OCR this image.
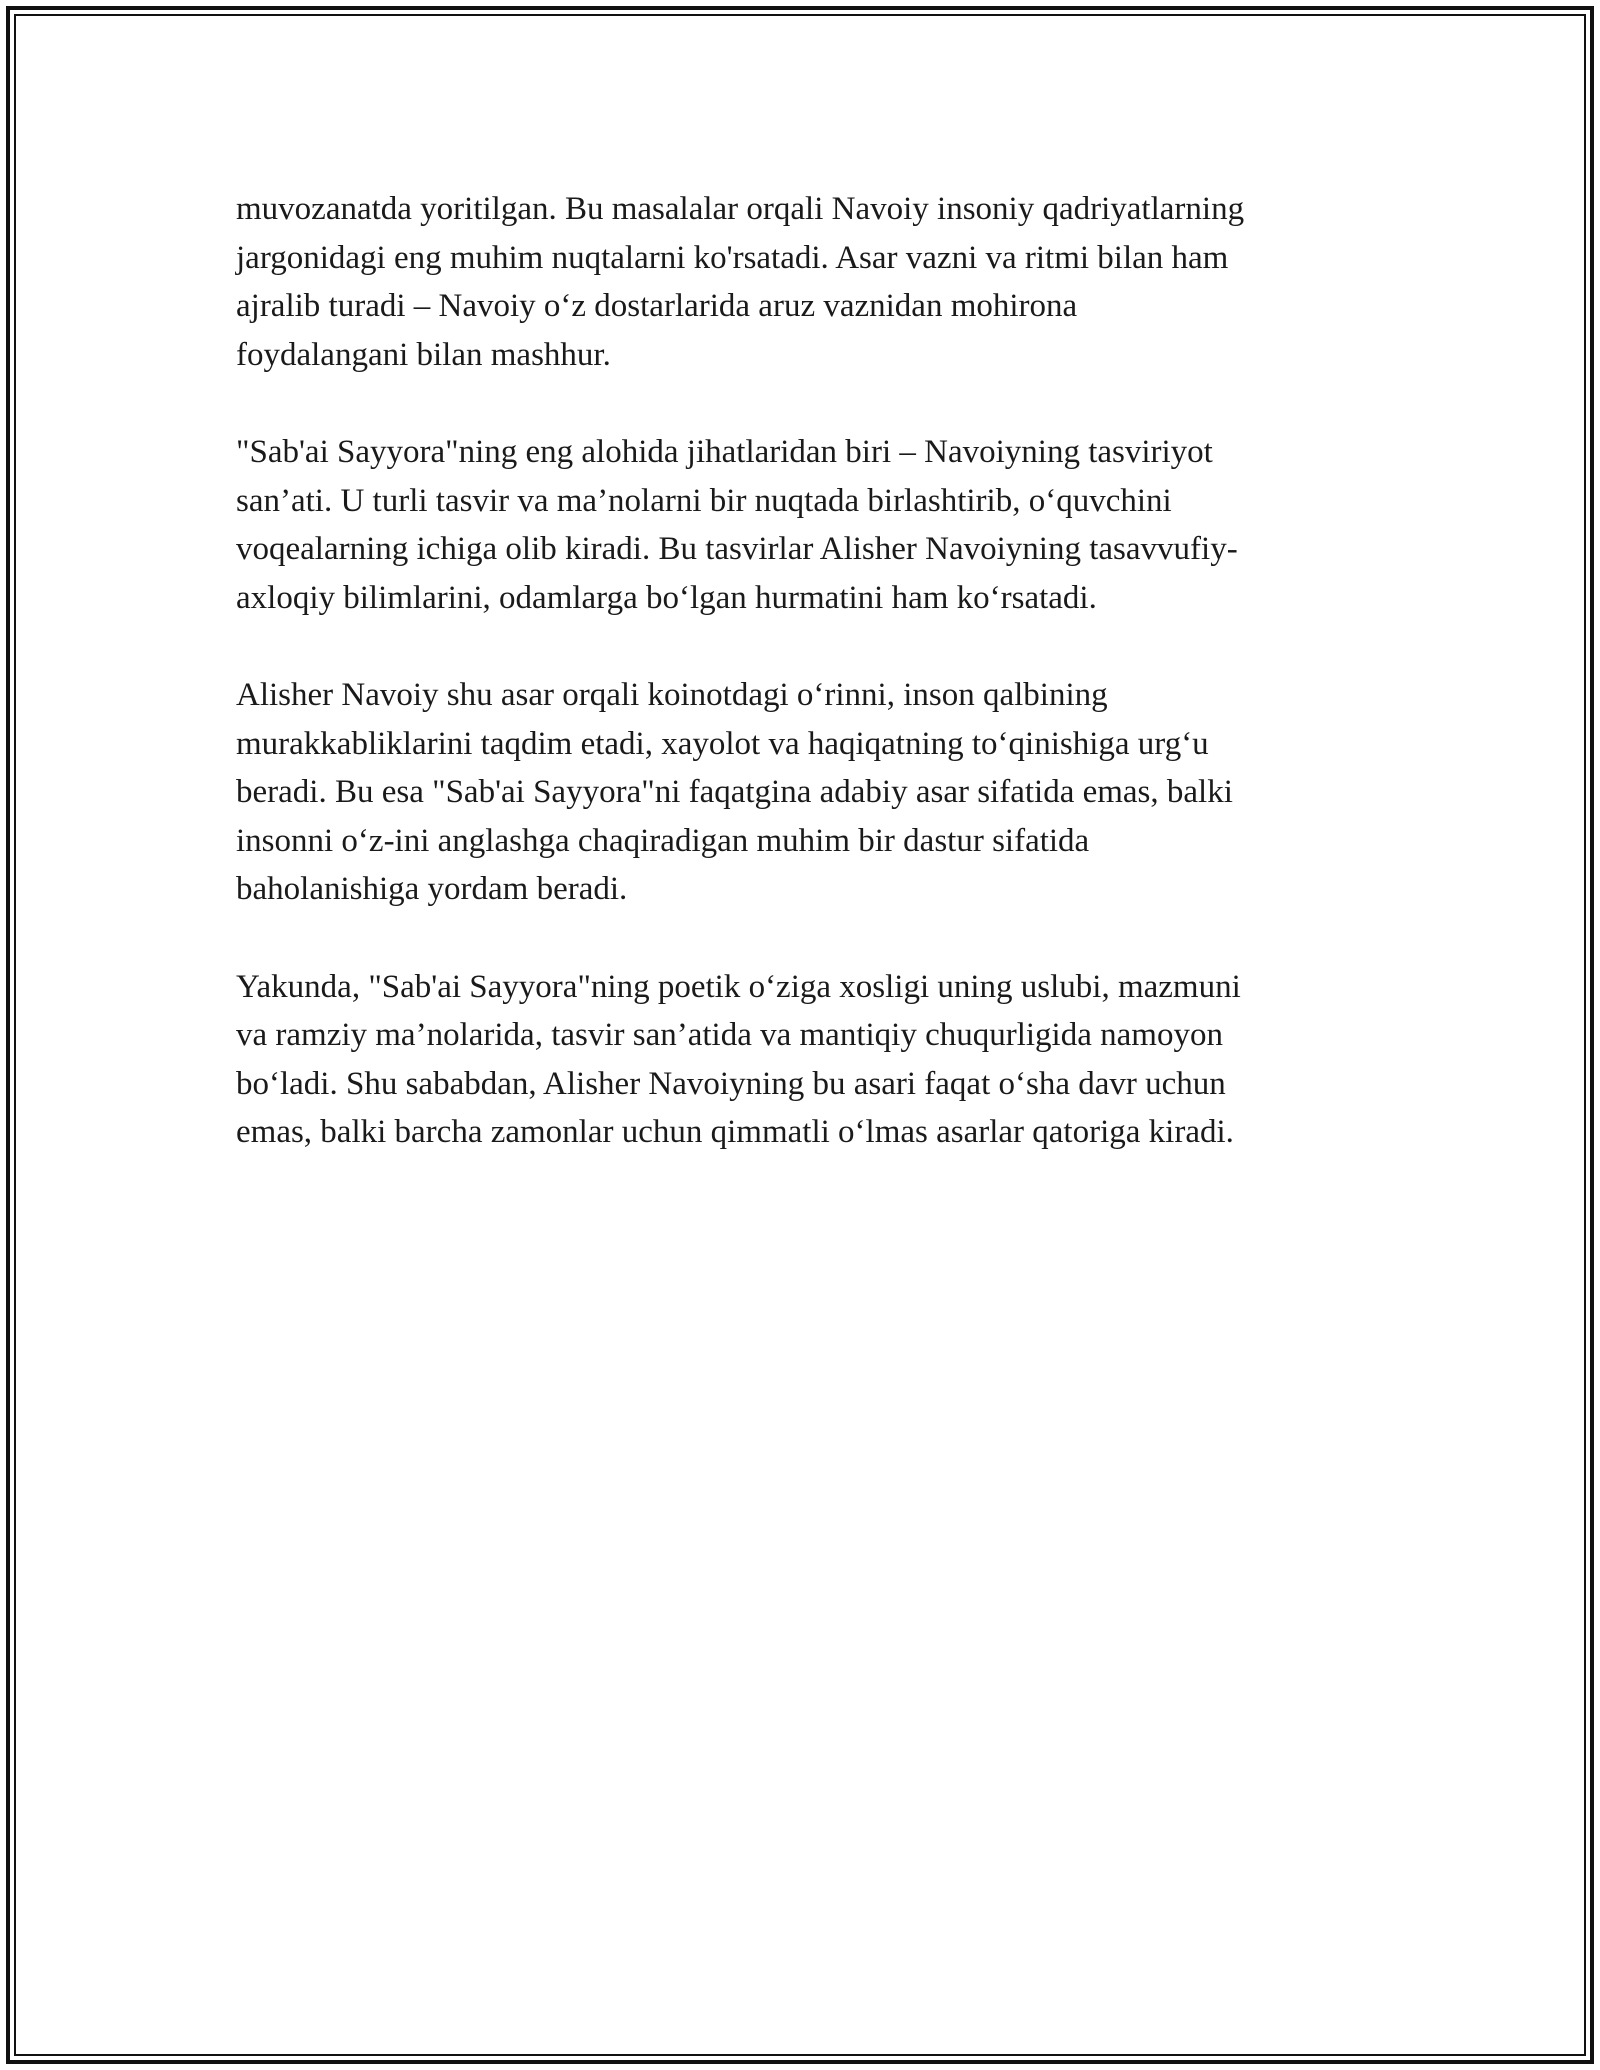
muvozanatda yoritilgan. Bu masalalar orqali Navoiy insoniy qadriyatlarning
jargonidagi eng muhim nuqtalarni ko'rsatadi. Asar vazni va ritmi bilan ham
ajralib turadi – Navoiy oʻz dostarlarida aruz vaznidan mohirona
foydalangani bilan mashhur.

"Sab'ai Sayyora"ning eng alohida jihatlaridan biri – Navoiyning tasviriyot
san’ati. U turli tasvir va ma’nolarni bir nuqtada birlashtirib, oʻquvchini
voqealarning ichiga olib kiradi. Bu tasvirlar Alisher Navoiyning tasavvufiy-
axloqiy bilimlarini, odamlarga boʻlgan hurmatini ham koʻrsatadi.

Alisher Navoiy shu asar orqali koinotdagi oʻrinni, inson qalbining
murakkabliklarini taqdim etadi, xayolot va haqiqatning toʻqinishiga urgʻu
beradi. Bu esa "Sab'ai Sayyora"ni faqatgina adabiy asar sifatida emas, balki
insonni oʻz-ini anglashga chaqiradigan muhim bir dastur sifatida
baholanishiga yordam beradi.

Yakunda, "Sab'ai Sayyora"ning poetik oʻziga xosligi uning uslubi, mazmuni
va ramziy ma’nolarida, tasvir san’atida va mantiqiy chuqurligida namoyon
boʻladi. Shu sababdan, Alisher Navoiyning bu asari faqat oʻsha davr uchun
emas, balki barcha zamonlar uchun qimmatli oʻlmas asarlar qatoriga kiradi.
